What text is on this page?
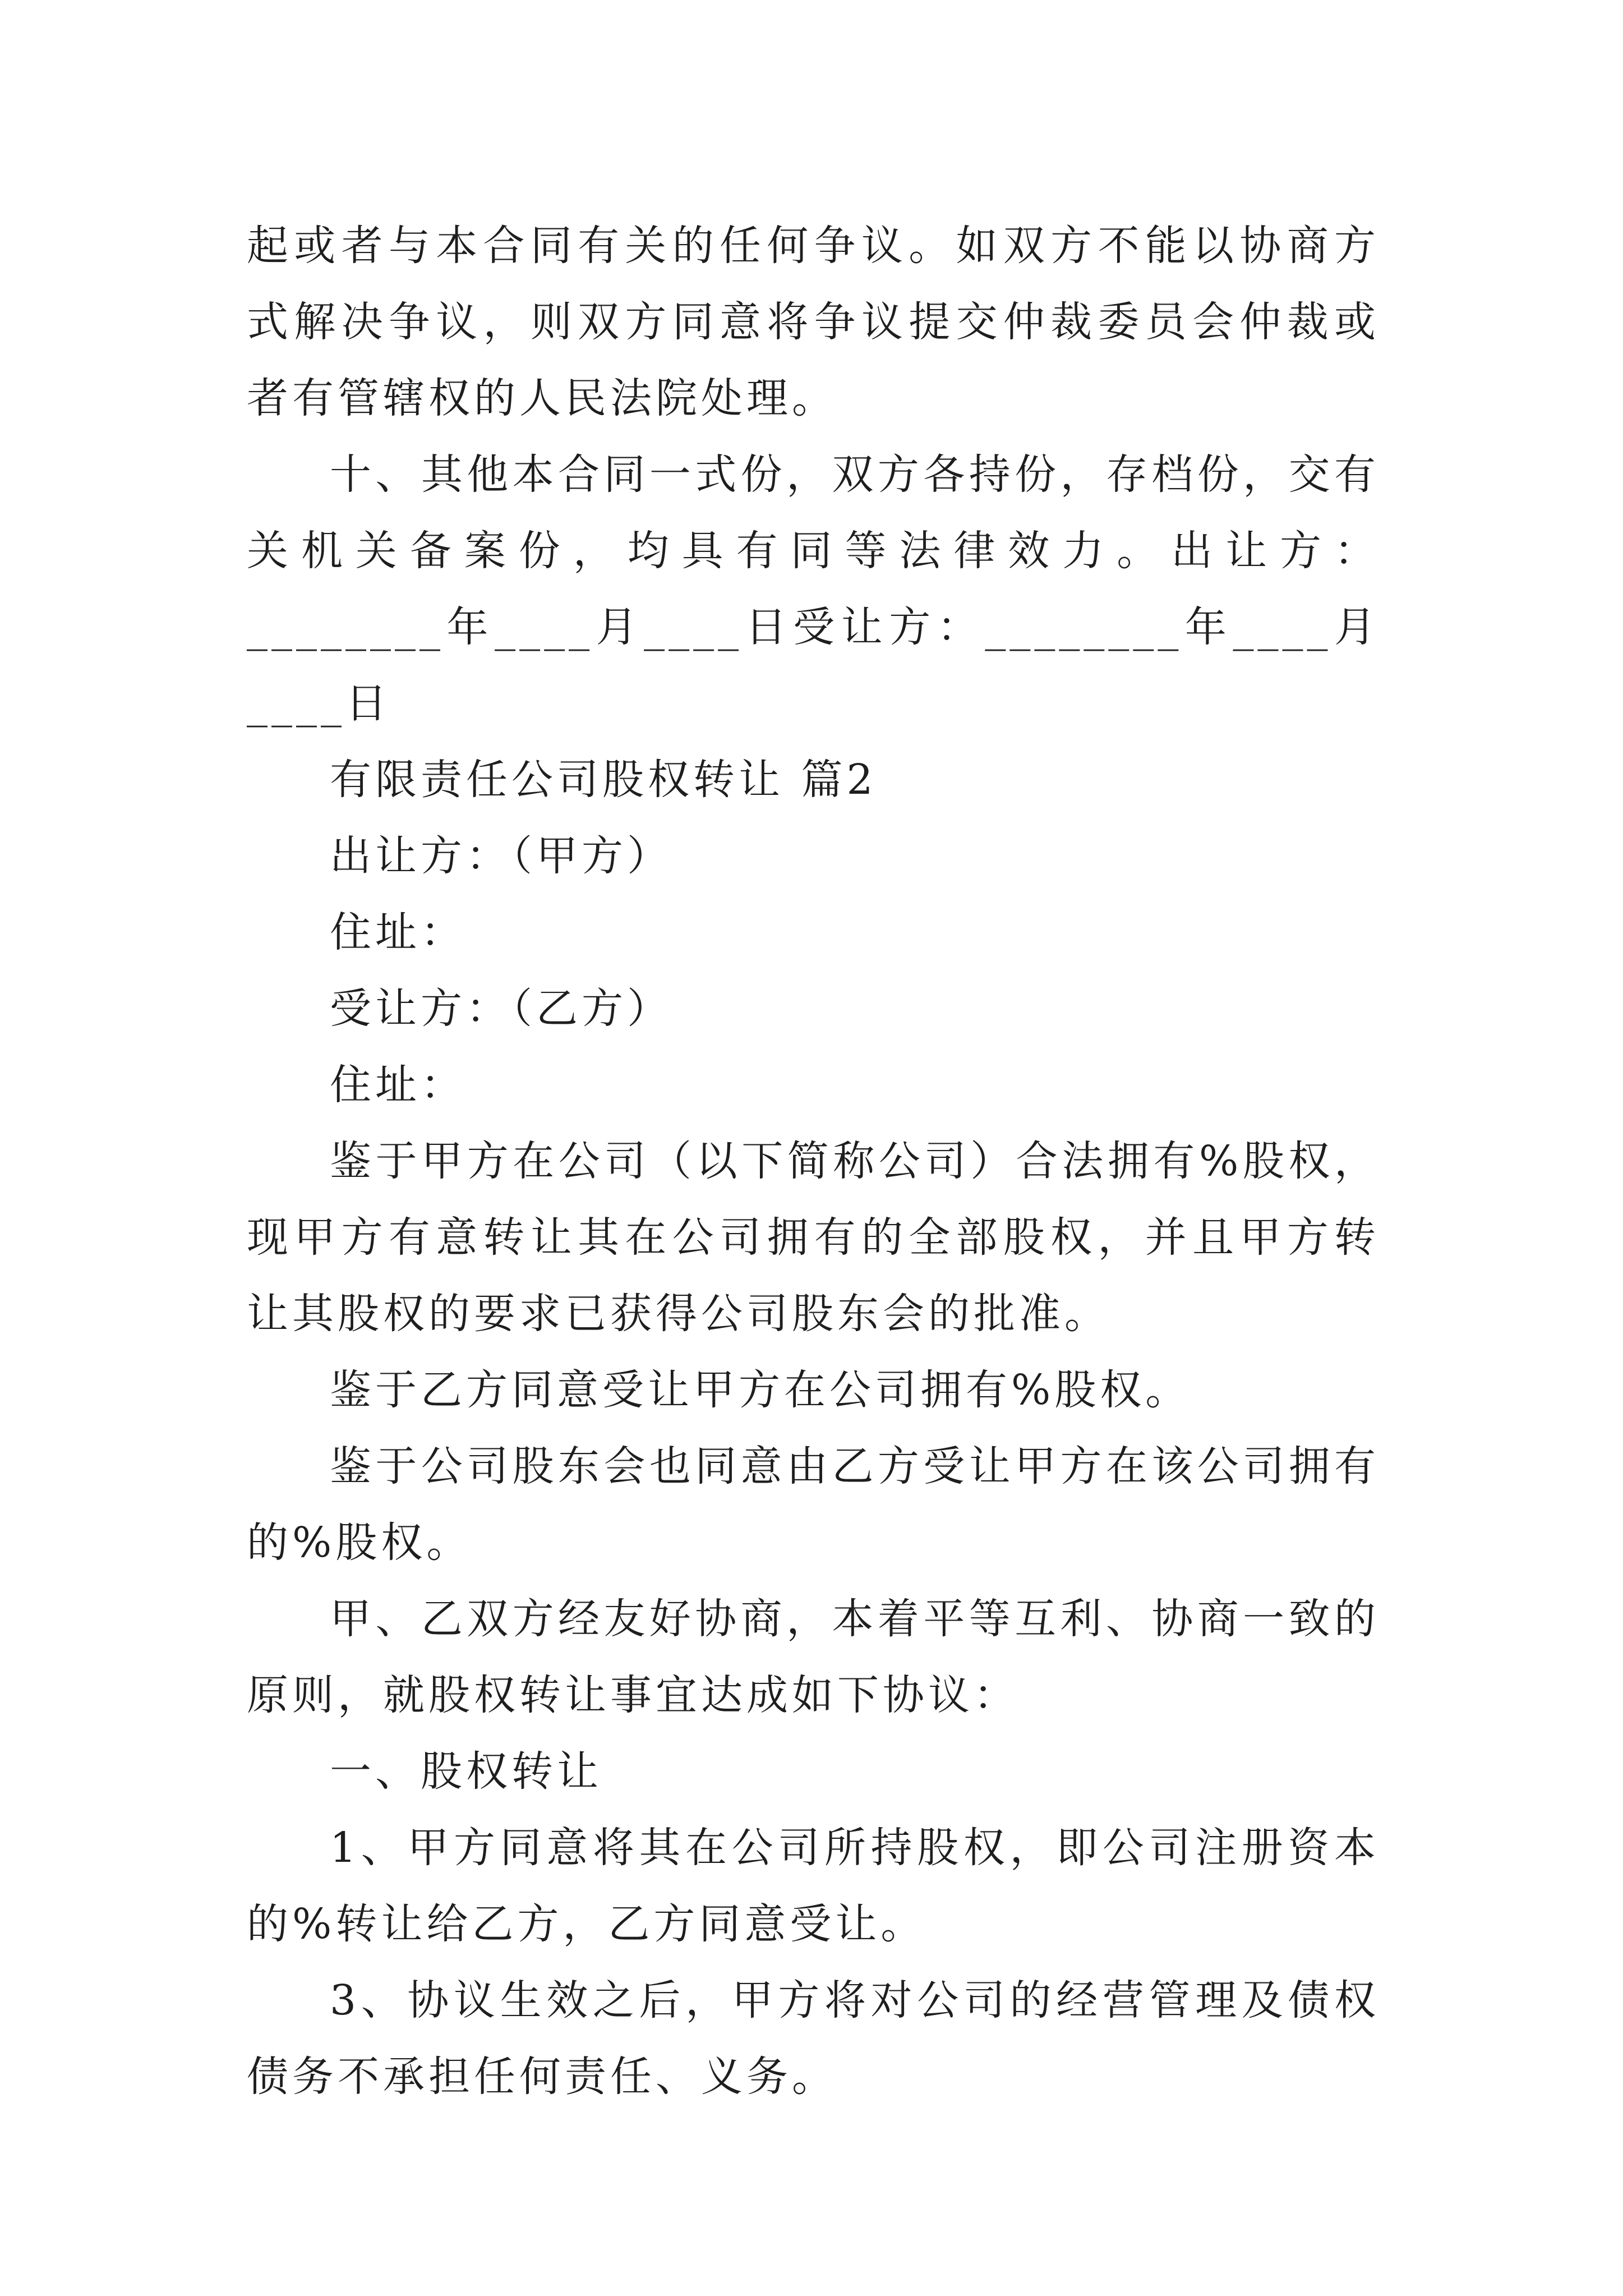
起或者与本合同有关的任何争议。如双方不能以协商方式解决争议，则双方同意将争议提交仲裁委员会仲裁或者有管辖权的人民法院处理。

十、其他本合同一式份，双方各持份，存档份，交有关机关备案份，均具有同等法律效力。出让方：________年____月____日受让方：________年____月____日

有限责任公司股权转让 篇2

出让方：（甲方）

住址：

受让方：（乙方）

住址：

鉴于甲方在公司（以下简称公司）合法拥有%股权，现甲方有意转让其在公司拥有的全部股权，并且甲方转让其股权的要求已获得公司股东会的批准。

鉴于乙方同意受让甲方在公司拥有%股权。

鉴于公司股东会也同意由乙方受让甲方在该公司拥有的%股权。

甲、乙双方经友好协商，本着平等互利、协商一致的原则，就股权转让事宜达成如下协议：

一、股权转让

1、甲方同意将其在公司所持股权，即公司注册资本的%转让给乙方，乙方同意受让。

3、协议生效之后，甲方将对公司的经营管理及债权债务不承担任何责任、义务。
